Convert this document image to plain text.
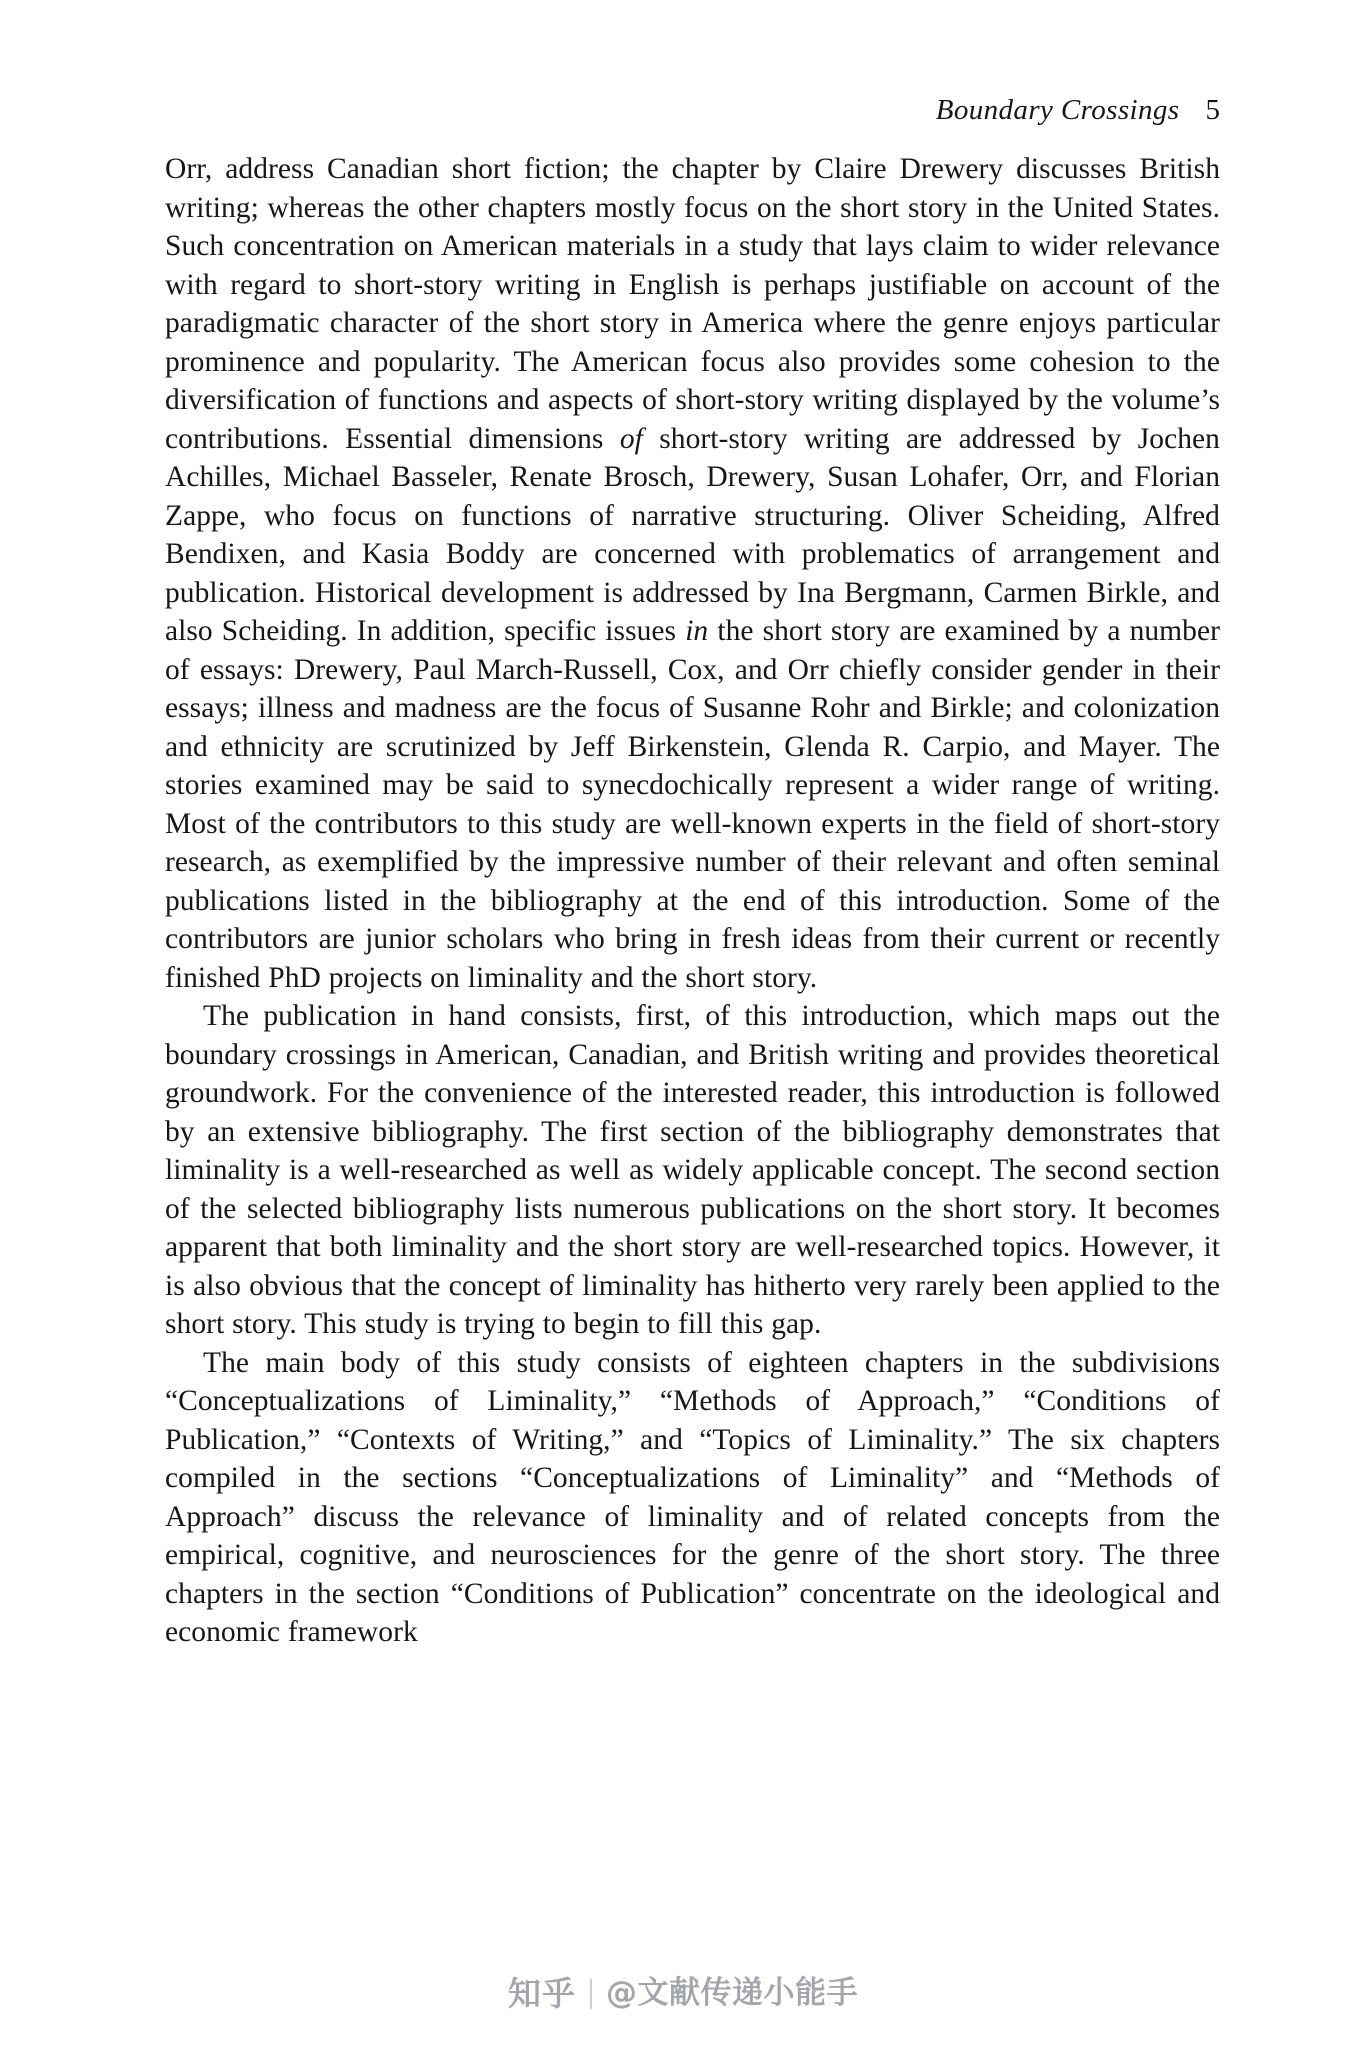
Boundary Crossings 5

Orr, address Canadian short fiction; the chapter by Claire Drewery discusses British writing; whereas the other chapters mostly focus on the short story in the United States. Such concentration on American materials in a study that lays claim to wider relevance with regard to short-story writing in English is perhaps justifiable on account of the paradigmatic character of the short story in America where the genre enjoys particular prominence and popularity. The American focus also provides some cohesion to the diversification of functions and aspects of short-story writing displayed by the volume’s contributions. Essential dimensions of short-story writing are addressed by Jochen Achilles, Michael Basseler, Renate Brosch, Drewery, Susan Lohafer, Orr, and Florian Zappe, who focus on functions of narrative structuring. Oliver Scheiding, Alfred Bendixen, and Kasia Boddy are concerned with problematics of arrangement and publication. Historical development is addressed by Ina Bergmann, Carmen Birkle, and also Scheiding. In addition, specific issues in the short story are examined by a number of essays: Drewery, Paul March-Russell, Cox, and Orr chiefly consider gender in their essays; illness and madness are the focus of Susanne Rohr and Birkle; and colonization and ethnicity are scrutinized by Jeff Birkenstein, Glenda R. Carpio, and Mayer. The stories examined may be said to synecdochically represent a wider range of writing. Most of the contributors to this study are well-known experts in the field of short-story research, as exemplified by the impressive number of their relevant and often seminal publications listed in the bibliography at the end of this introduction. Some of the contributors are junior scholars who bring in fresh ideas from their current or recently finished PhD projects on liminality and the short story.

The publication in hand consists, first, of this introduction, which maps out the boundary crossings in American, Canadian, and British writing and provides theoretical groundwork. For the convenience of the interested reader, this introduction is followed by an extensive bibliography. The first section of the bibliography demonstrates that liminality is a well-researched as well as widely applicable concept. The second section of the selected bibliography lists numerous publications on the short story. It becomes apparent that both liminality and the short story are well-researched topics. However, it is also obvious that the concept of liminality has hitherto very rarely been applied to the short story. This study is trying to begin to fill this gap.

The main body of this study consists of eighteen chapters in the subdivisions “Conceptualizations of Liminality,” “Methods of Approach,” “Conditions of Publication,” “Contexts of Writing,” and “Topics of Liminality.” The six chapters compiled in the sections “Conceptualizations of Liminality” and “Methods of Approach” discuss the relevance of liminality and of related concepts from the empirical, cognitive, and neurosciences for the genre of the short story. The three chapters in the section “Conditions of Publication” concentrate on the ideological and economic framework

知乎 @文献传递小能手
